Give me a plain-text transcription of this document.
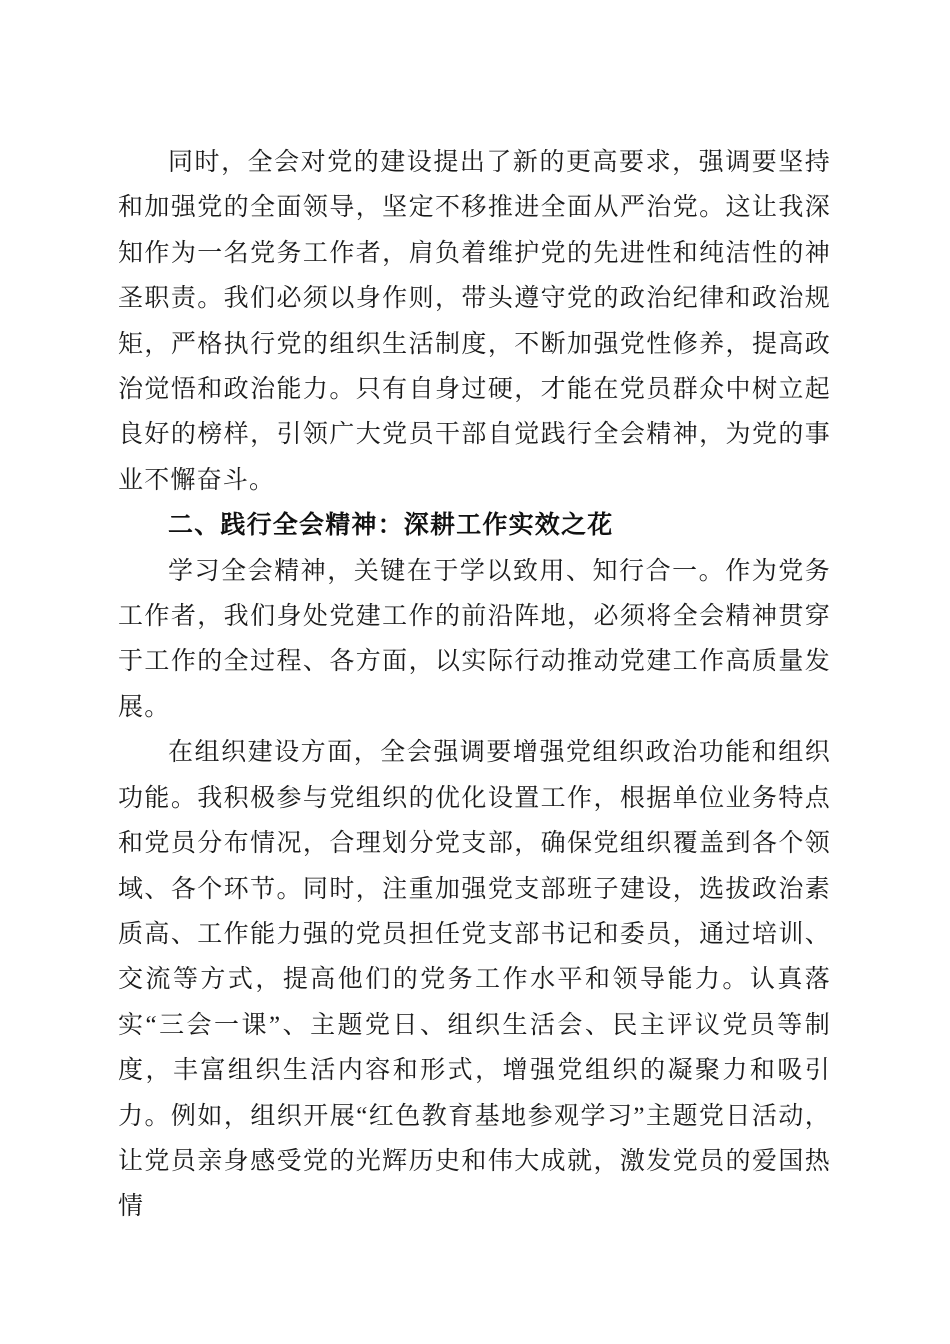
同时，全会对党的建设提出了新的更高要求，强调要坚持和加强党的全面领导，坚定不移推进全面从严治党。这让我深知作为一名党务工作者，肩负着维护党的先进性和纯洁性的神圣职责。我们必须以身作则，带头遵守党的政治纪律和政治规矩，严格执行党的组织生活制度，不断加强党性修养，提高政治觉悟和政治能力。只有自身过硬，才能在党员群众中树立起良好的榜样，引领广大党员干部自觉践行全会精神，为党的事业不懈奋斗。

二、践行全会精神：深耕工作实效之花

学习全会精神，关键在于学以致用、知行合一。作为党务工作者，我们身处党建工作的前沿阵地，必须将全会精神贯穿于工作的全过程、各方面，以实际行动推动党建工作高质量发展。

在组织建设方面，全会强调要增强党组织政治功能和组织功能。我积极参与党组织的优化设置工作，根据单位业务特点和党员分布情况，合理划分党支部，确保党组织覆盖到各个领域、各个环节。同时，注重加强党支部班子建设，选拔政治素质高、工作能力强的党员担任党支部书记和委员，通过培训、交流等方式，提高他们的党务工作水平和领导能力。认真落实“三会一课”、主题党日、组织生活会、民主评议党员等制度，丰富组织生活内容和形式，增强党组织的凝聚力和吸引力。例如，组织开展“红色教育基地参观学习”主题党日活动，让党员亲身感受党的光辉历史和伟大成就，激发党员的爱国热情
